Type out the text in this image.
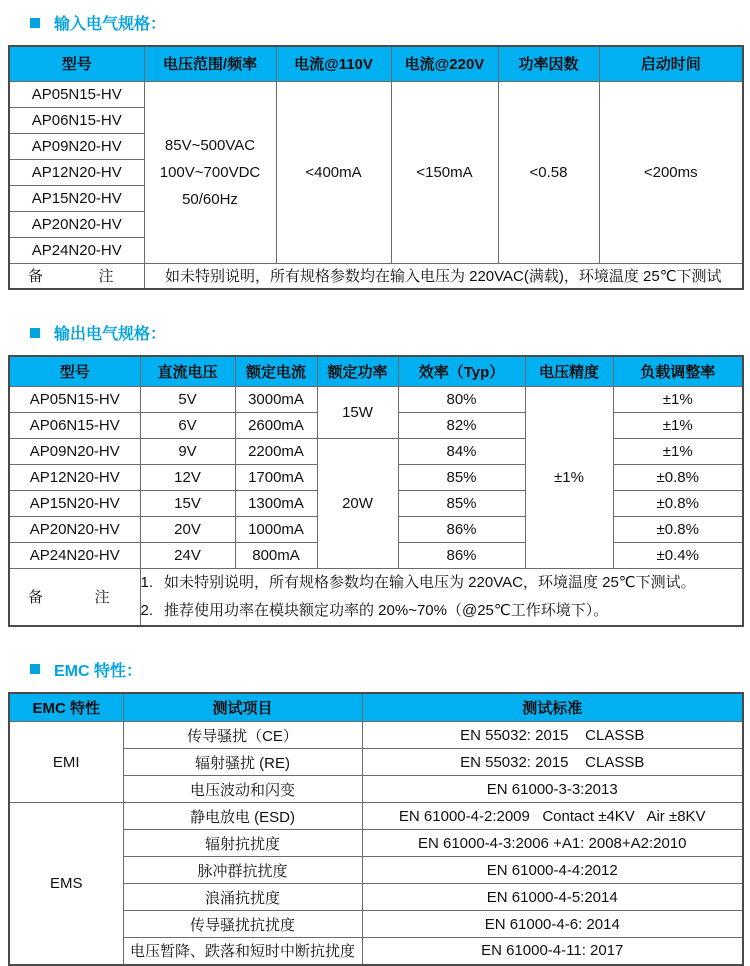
输入电气规格：
型号	电压范围/频率	电流@110V	电流@220V	功率因数	启动时间
AP05N15-HV	85V~500VAC
100V~700VDC
50/60Hz	<400mA	<150mA	<0.58	<200ms
AP06N15-HV					
AP09N20-HV					
AP12N20-HV					
AP15N20-HV					
AP20N20-HV					
AP24N20-HV					

备 注	如未特别说明，所有规格参数均在输入电压为 220VAC(满载)，环境温度 25℃下测试				
输出电气规格：
型号	直流电压	额定电流	额定功率	效率（Typ）	电压精度	负载调整率
AP05N15-HV	5V	3000mA	15W	80%	±1%	±1%
AP06N15-HV	6V	2600mA		82%		±1%
AP09N20-HV	9V	2200mA	20W	84%		±1%
AP12N20-HV	12V	1700mA		85%		±0.8%
AP15N20-HV	15V	1300mA		85%		±0.8%
AP20N20-HV	20V	1000mA		86%		±0.8%
AP24N20-HV	24V	800mA		86%		±0.4%

备	注

1. 如未特别说明，所有规格参数均在输入电压为 220VAC，环境温度 25℃下测试。
2. 推荐使用功率在模块额定功率的 20%~70%（@25℃工作环境下）。
EMC 特性：
EMC 特性	测试项目	测试标准
EMI	传导骚扰（CE）	EN 55032: 2015    CLASSB
	辐射骚扰 (RE)	EN 55032: 2015    CLASSB
	电压波动和闪变	EN 61000-3-3:2013
EMS	静电放电 (ESD)	EN 61000-4-2:2009   Contact ±4KV   Air ±8KV
	辐射抗扰度	EN 61000-4-3:2006 +A1: 2008+A2:2010
	脉冲群抗扰度	EN 61000-4-4:2012
	浪涌抗扰度	EN 61000-4-5:2014
	传导骚扰抗扰度	EN 61000-4-6: 2014
	电压暂降、跌落和短时中断抗扰度	EN 61000-4-11: 2017
